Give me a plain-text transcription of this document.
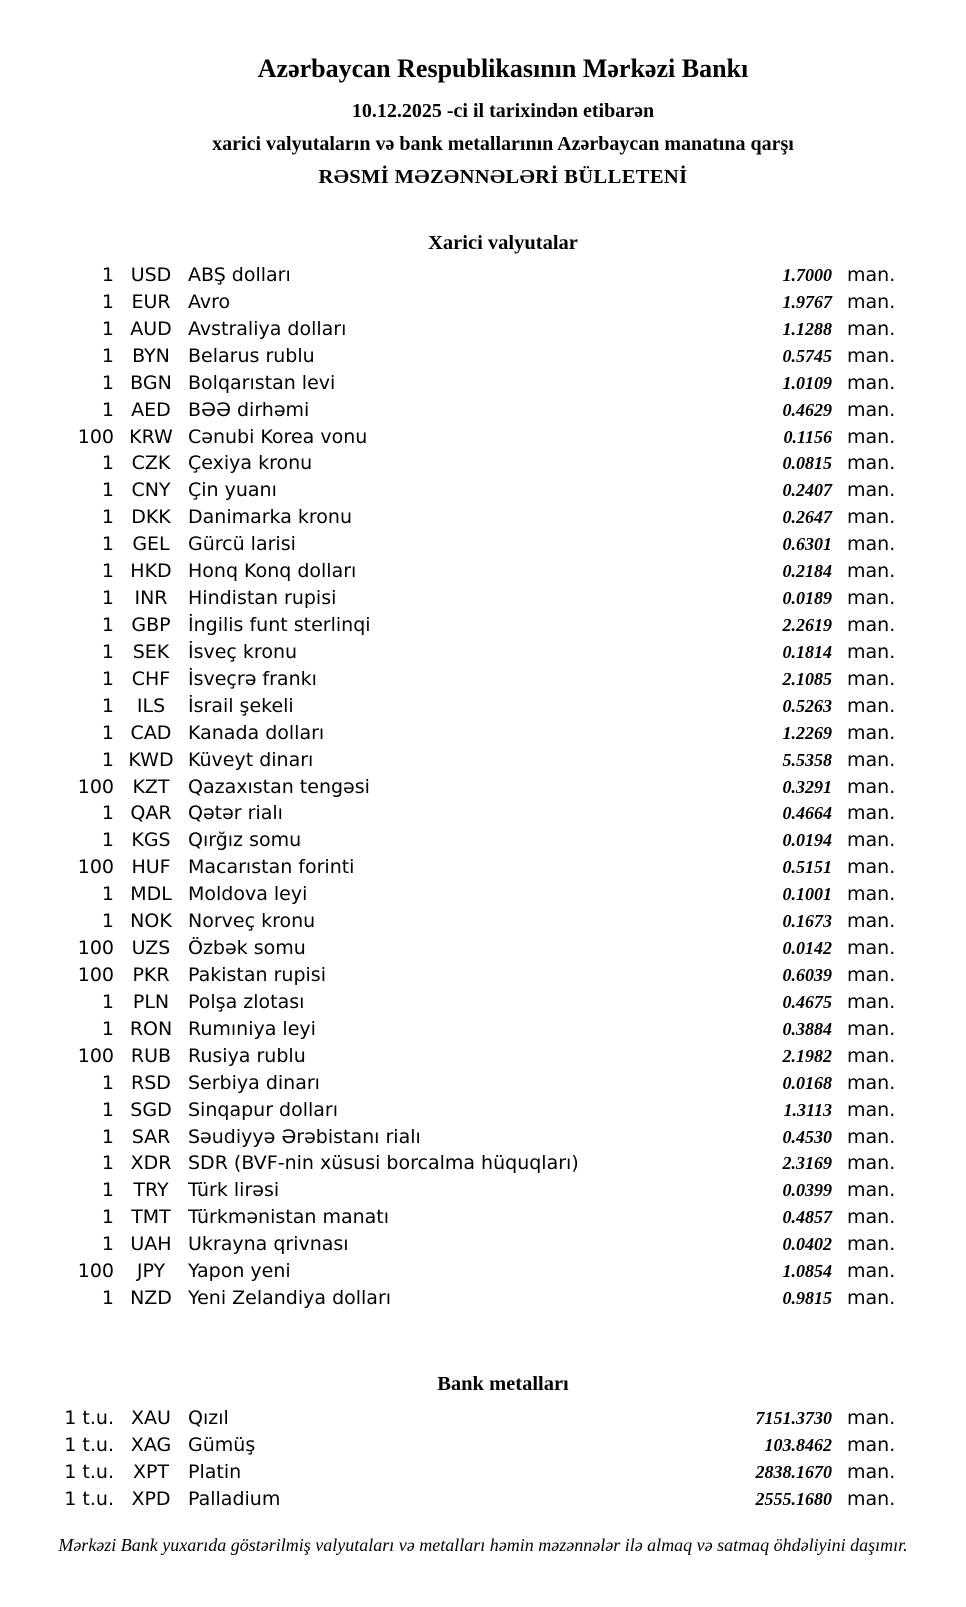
Azərbaycan Respublikasının Mərkəzi Bankı
10.12.2025 -ci il tarixindən etibarən
xarici valyutaların və bank metallarının Azərbaycan manatına qarşı
RƏSMİ MƏZƏNNƏLƏRİ BÜLLETENİ
Xarici valyutalar
1 USD ABŞ dolları	1.7000 man.
1 EUR Avro	1.9767 man.
1 AUD Avstraliya dolları	1.1288 man.
1 BYN Belarus rublu	0.5745 man.
1 BGN Bolqarıstan levi	1.0109 man.
1 AED BƏƏ dirhəmi	0.4629 man.
100 KRW Cənubi Korea vonu	0.1156 man.
1 CZK Çexiya kronu	0.0815 man.
1 CNY Çin yuanı	0.2407 man.
1 DKK Danimarka kronu	0.2647 man.
1 GEL Gürcü larisi	0.6301 man.
1 HKD Honq Konq dolları	0.2184 man.
1	INR	Hindistan rupisi	0.0189 man.
1 GBP İngilis funt sterlinqi	2.2619 man.
1 SEK İsveç kronu	0.1814 man.
1 CHF İsveçrə frankı	2.1085 man.
1	ILS	İsrail şekeli	0.5263 man.
1 CAD Kanada dolları	1.2269 man.
1 KWD Küveyt dinarı	5.5358 man.
100 KZT Qazaxıstan tengəsi	0.3291 man.
1 QAR Qətər rialı	0.4664 man.
1 KGS Qırğız somu	0.0194 man.
100 HUF Macarıstan forinti	0.5151 man.
1 MDL Moldova leyi	0.1001 man.
1 NOK Norveç kronu	0.1673 man.
100 UZS Özbək somu	0.0142 man.
100 PKR Pakistan rupisi	0.6039 man.
1 PLN Polşa zlotası	0.4675 man.
1 RON Rumıniya leyi	0.3884 man.
100 RUB Rusiya rublu	2.1982 man.
1 RSD Serbiya dinarı	0.0168 man.
1 SGD Sinqapur dolları	1.3113 man.
1 SAR Səudiyyə Ərəbistanı rialı	0.4530 man.
1 XDR SDR (BVF-nin xüsusi borcalma hüquqları)	2.3169 man.
1	TRY	Türk lirəsi	0.0399 man.
1 TMT Türkmənistan manatı	0.4857 man.
1 UAH Ukrayna qrivnası	0.0402 man.
100	JPY	Yapon yeni	1.0854 man.
1 NZD Yeni Zelandiya dolları	0.9815 man.
Bank metalları
1 t.u. XAU Qızıl	7151.3730 man.
1 t.u. XAG Gümüş	103.8462 man.
1 t.u. XPT Platin	2838.1670 man.
1 t.u. XPD Palladium	2555.1680 man.
Mərkəzi Bank yuxarıda göstərilmiş valyutaları və metalları həmin məzənnələr ilə almaq və satmaq öhdəliyini daşımır.
